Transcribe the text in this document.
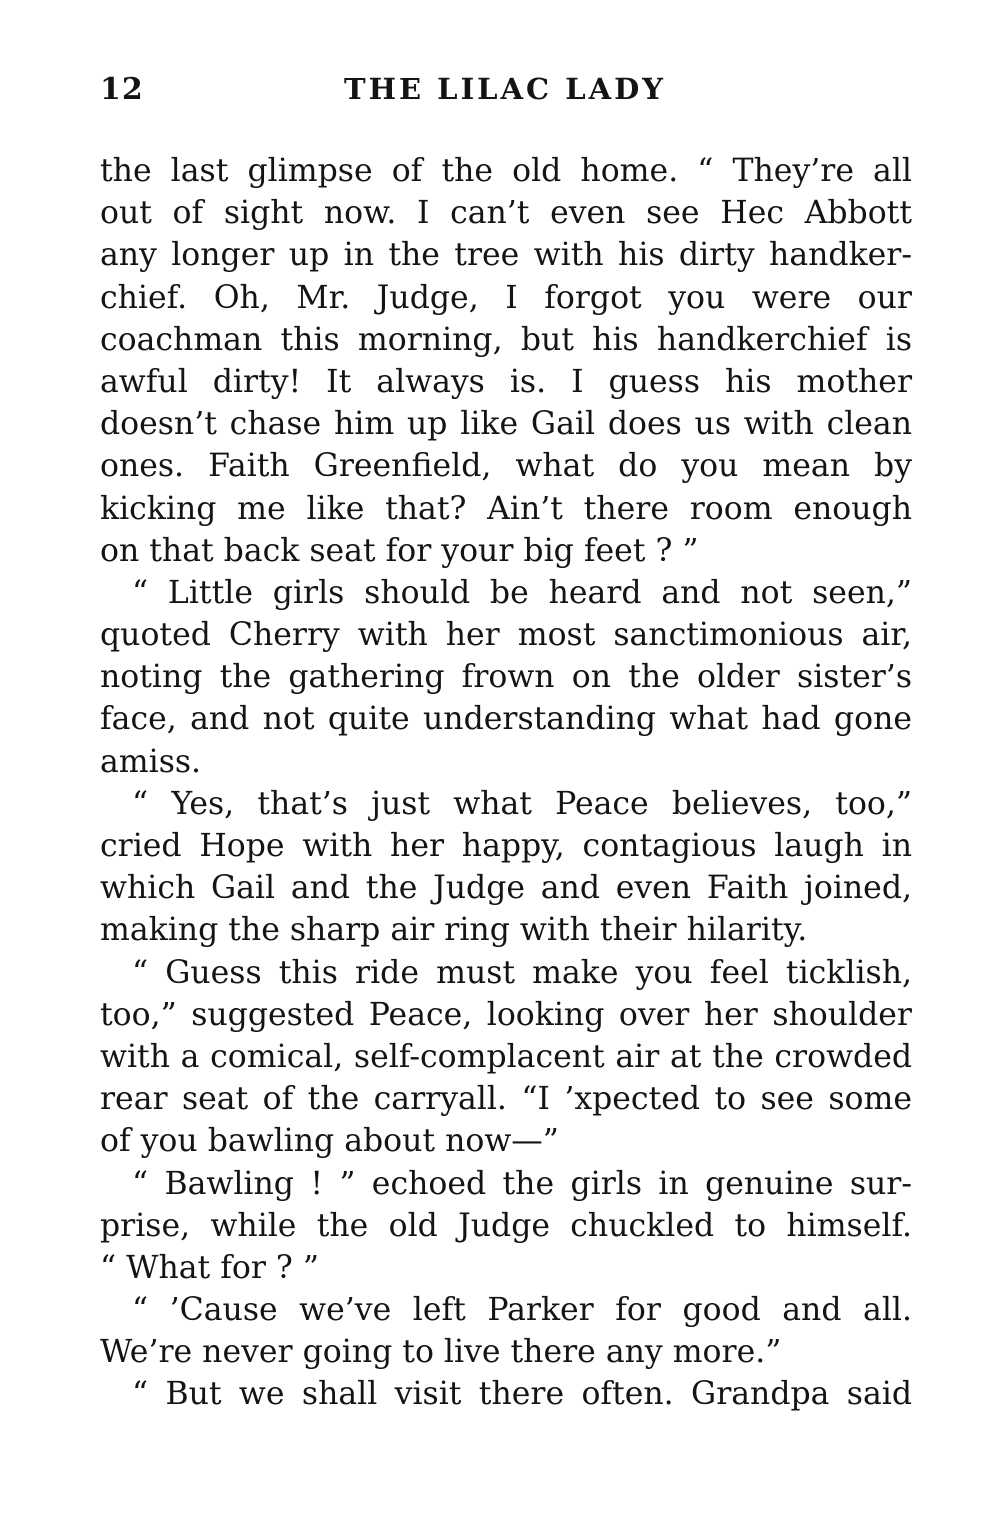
12	THE LILAC LADY
the last glimpse of the old home. “ They’re all
out of sight now. I can’t even see Hec Abbott
any longer up in the tree with his dirty handker-
chief. Oh, Mr. Judge, I forgot you were our
coachman this morning, but his handkerchief is
awful dirty! It always is. I guess his mother
doesn’t chase him up like Gail does us with clean
ones. Faith Greenfield, what do you mean by
kicking me like that? Ain’t there room enough
on that back seat for your big feet ? ”
“ Little girls should be heard and not seen,”
quoted Cherry with her most sanctimonious air,
noting the gathering frown on the older sister’s
face, and not quite understanding what had gone
amiss.
“ Yes, that’s just what Peace believes, too,”
cried Hope with her happy, contagious laugh in
which Gail and the Judge and even Faith joined,
making the sharp air ring with their hilarity.
“ Guess this ride must make you feel ticklish,
too,” suggested Peace, looking over her shoulder
with a comical, self-complacent air at the crowded
rear seat of the carryall. “I ’xpected to see some
of you bawling about now—”
“ Bawling ! ” echoed the girls in genuine sur-
prise, while the old Judge chuckled to himself.
“ What for ? ”
“ ’Cause we’ve left Parker for good and all.
We’re never going to live there any more.”
“ But we shall visit there often. Grandpa said
